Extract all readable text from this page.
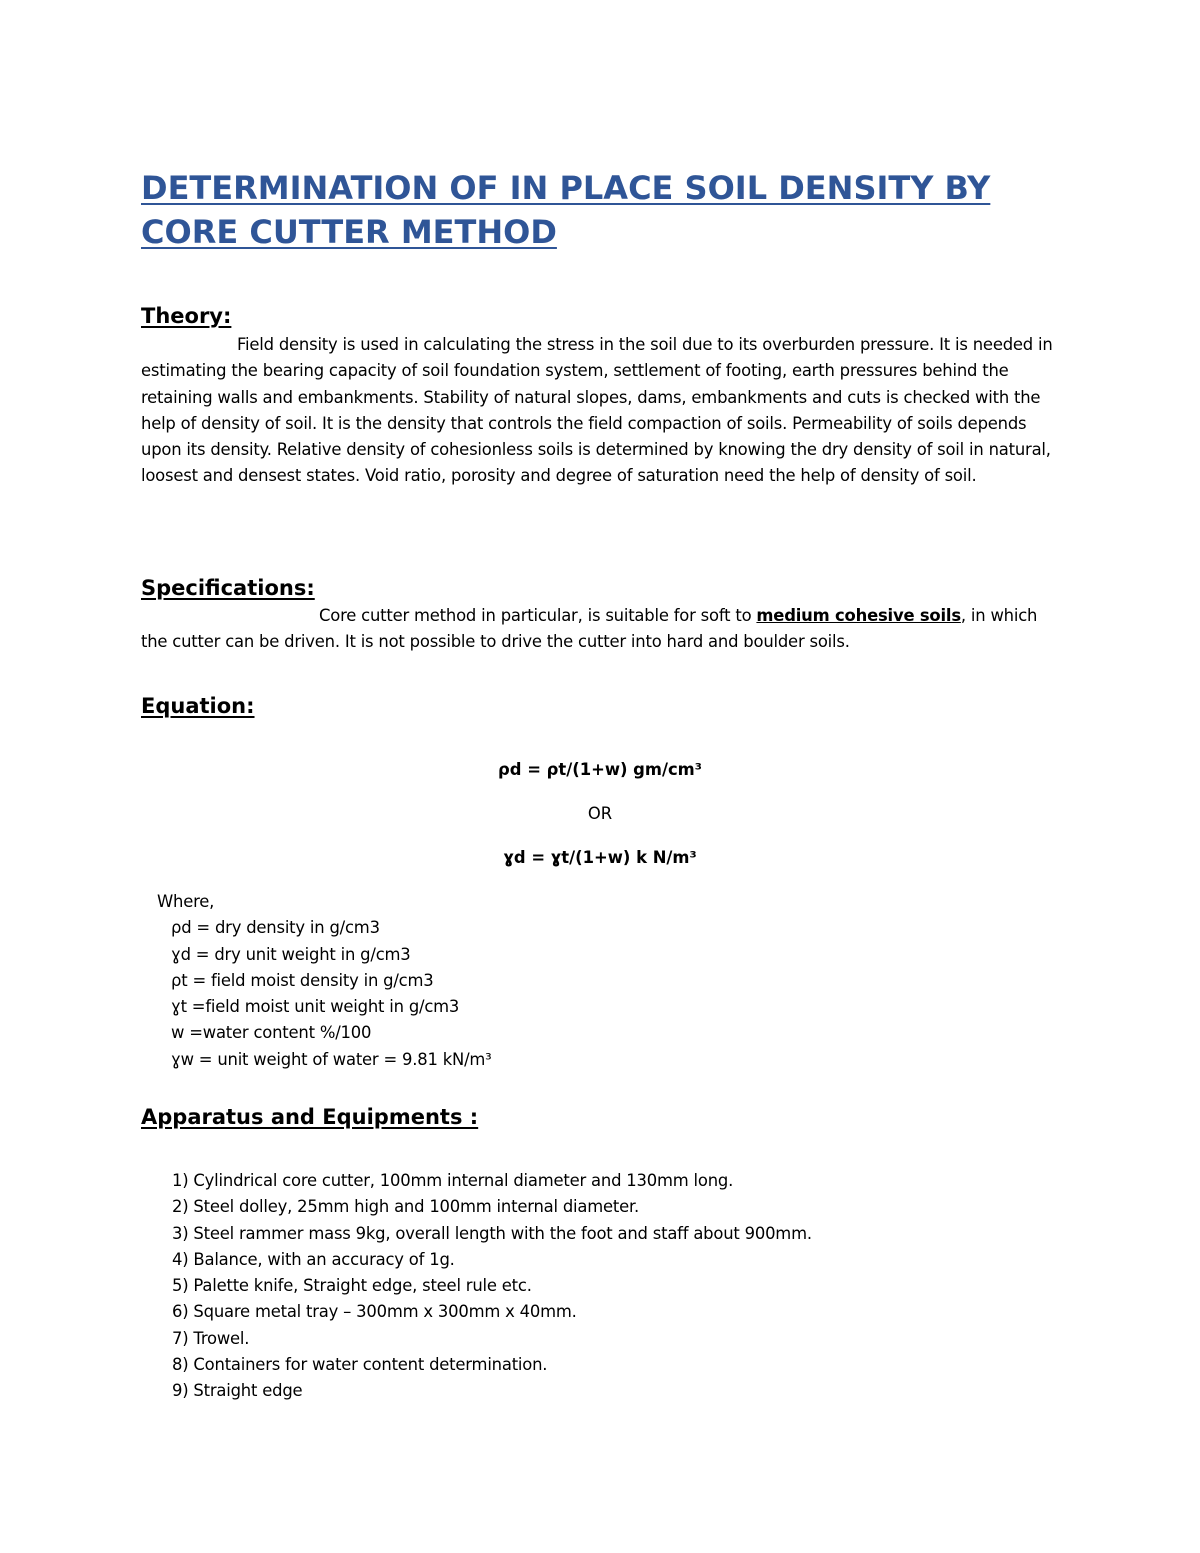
DETERMINATION OF IN PLACE SOIL DENSITY BY CORE CUTTER METHOD
Theory:
Field density is used in calculating the stress in the soil due to its overburden pressure. It is needed in estimating the bearing capacity of soil foundation system, settlement of footing, earth pressures behind the retaining walls and embankments. Stability of natural slopes, dams, embankments and cuts is checked with the help of density of soil. It is the density that controls the field compaction of soils. Permeability of soils depends upon its density. Relative density of cohesionless soils is determined by knowing the dry density of soil in natural, loosest and densest states. Void ratio, porosity and degree of saturation need the help of density of soil.
Specifications:
Core cutter method in particular, is suitable for soft to medium cohesive soils, in which the cutter can be driven. It is not possible to drive the cutter into hard and boulder soils.
Equation:
ρd = ρt/(1+w) gm/cm³
OR
ɣd = ɣt/(1+w) k N/m³
Where,
ρd = dry density in g/cm3
ɣd = dry unit weight in g/cm3
ρt = field moist density in g/cm3
ɣt =field moist unit weight in g/cm3
w =water content %/100
ɣw = unit weight of water = 9.81 kN/m³
Apparatus and Equipments :
1) Cylindrical core cutter, 100mm internal diameter and 130mm long.
2) Steel dolley, 25mm high and 100mm internal diameter.
3) Steel rammer mass 9kg, overall length with the foot and staff about 900mm.
4) Balance, with an accuracy of 1g.
5) Palette knife, Straight edge, steel rule etc.
6) Square metal tray – 300mm x 300mm x 40mm.
7) Trowel.
8) Containers for water content determination.
9) Straight edge
